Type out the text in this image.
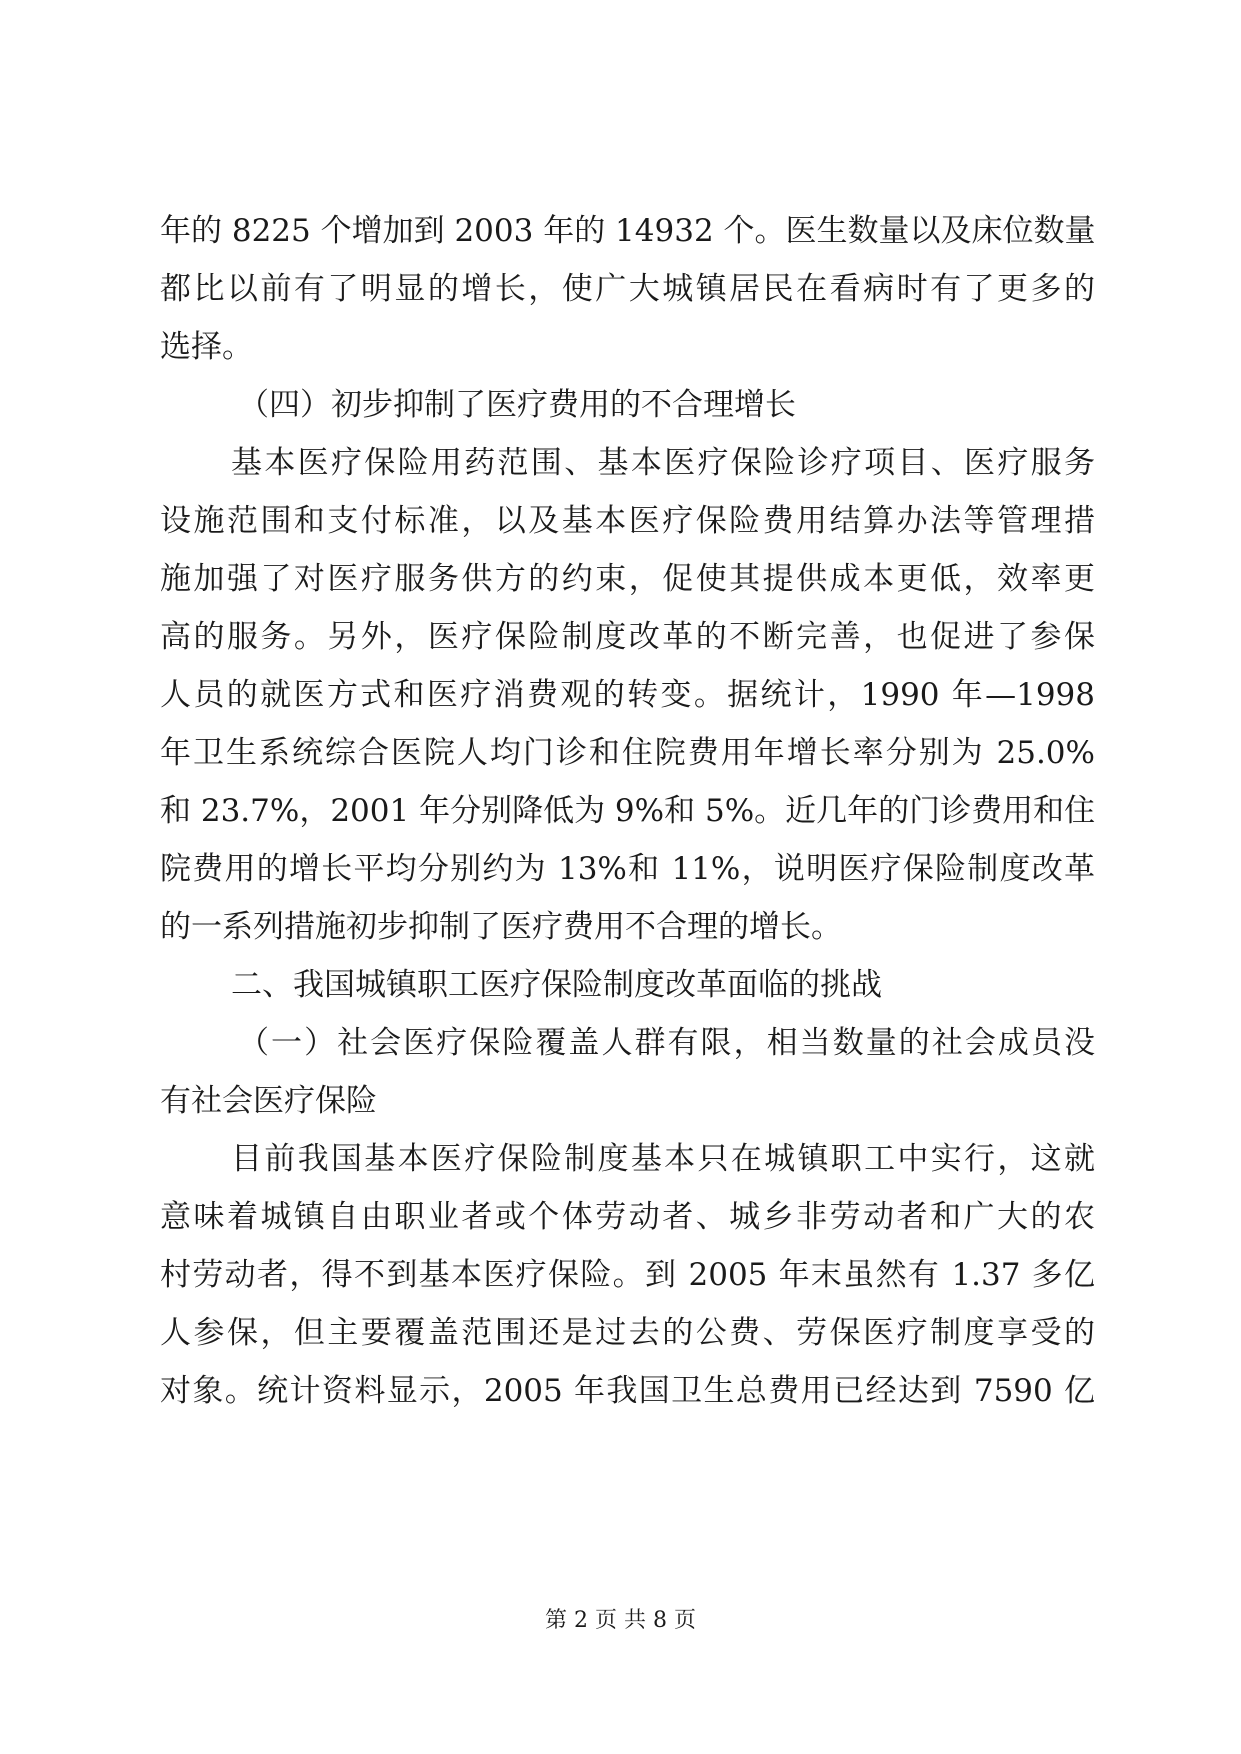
年的 8225 个增加到 2003 年的 14932 个。医生数量以及床位数量
都比以前有了明显的增长，使广大城镇居民在看病时有了更多的
选择。
（四）初步抑制了医疗费用的不合理增长
基本医疗保险用药范围、基本医疗保险诊疗项目、医疗服务
设施范围和支付标准，以及基本医疗保险费用结算办法等管理措
施加强了对医疗服务供方的约束，促使其提供成本更低，效率更
高的服务。另外，医疗保险制度改革的不断完善，也促进了参保
人员的就医方式和医疗消费观的转变。据统计，1990 年—1998
年卫生系统综合医院人均门诊和住院费用年增长率分别为 25.0%
和 23.7%，2001 年分别降低为 9%和 5%。近几年的门诊费用和住
院费用的增长平均分别约为 13%和 11%，说明医疗保险制度改革
的一系列措施初步抑制了医疗费用不合理的增长。
二、我国城镇职工医疗保险制度改革面临的挑战
（一）社会医疗保险覆盖人群有限，相当数量的社会成员没
有社会医疗保险
目前我国基本医疗保险制度基本只在城镇职工中实行，这就
意味着城镇自由职业者或个体劳动者、城乡非劳动者和广大的农
村劳动者，得不到基本医疗保险。到 2005 年末虽然有 1.37 多亿
人参保，但主要覆盖范围还是过去的公费、劳保医疗制度享受的
对象。统计资料显示，2005 年我国卫生总费用已经达到 7590 亿
第 2 页 共 8 页
